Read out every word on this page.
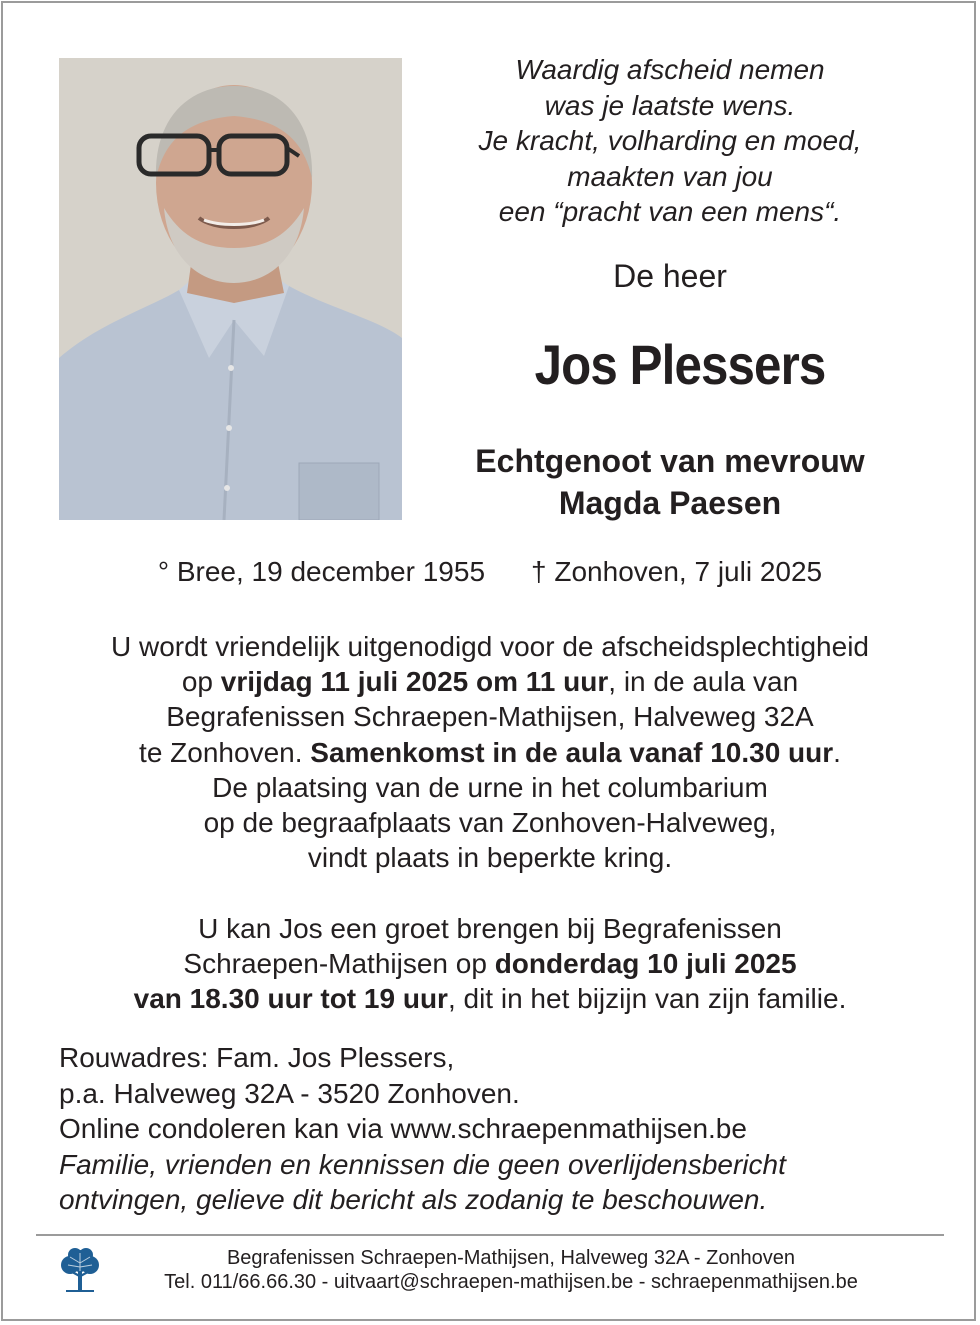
Waardig afscheid nemen
was je laatste wens.
Je kracht, volharding en moed,
maakten van jou
een “pracht van een mens“.
De heer
Jos Plessers
Echtgenoot van mevrouw
Magda Paesen
° Bree, 19 december 1955 † Zonhoven, 7 juli 2025
U wordt vriendelijk uitgenodigd voor de afscheidsplechtigheid
op vrijdag 11 juli 2025 om 11 uur, in de aula van
Begrafenissen Schraepen-Mathijsen, Halveweg 32A
te Zonhoven. Samenkomst in de aula vanaf 10.30 uur.
De plaatsing van de urne in het columbarium
op de begraafplaats van Zonhoven-Halveweg,
vindt plaats in beperkte kring.
U kan Jos een groet brengen bij Begrafenissen
Schraepen-Mathijsen op donderdag 10 juli 2025
van 18.30 uur tot 19 uur, dit in het bijzijn van zijn familie.
Rouwadres: Fam. Jos Plessers,
p.a. Halveweg 32A - 3520 Zonhoven.
Online condoleren kan via www.schraepenmathijsen.be
Familie, vrienden en kennissen die geen overlijdensbericht
ontvingen, gelieve dit bericht als zodanig te beschouwen.
Begrafenissen Schraepen-Mathijsen, Halveweg 32A - Zonhoven
Tel. 011/66.66.30 - uitvaart@schraepen-mathijsen.be - schraepenmathijsen.be
